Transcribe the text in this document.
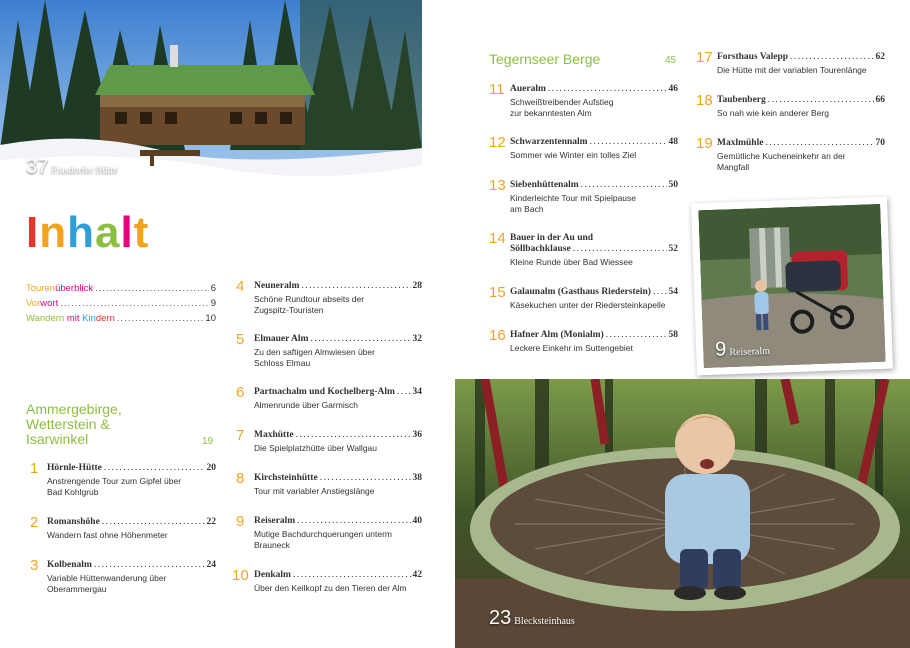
37 Frasdorfer Hütte
9 Reiseralm
23 Blecksteinhaus
Inhalt
Tourenüberblick .....	6
Vorwort .....	9
Wandern mit Kindern .....	10
Ammergebirge,
Wetterstein &
Isarwinkel	19
Tegernseer Berge	45
1 Hörnle-Hütte .....	20
Anstrengende Tour zum Gipfel über
Bad Kohlgrub
2 Romanshöhe .....	22
Wandern fast ohne Höhenmeter
3 Kolbenalm .....	24
Variable Hüttenwanderung über
Oberammergau
4 Neuneralm .....	28
Schöne Rundtour abseits der
Zugspitz-Touristen
5 Elmauer Alm .....	32
Zu den saftigen Almwiesen über
Schloss Elmau
6 Partnachalm und Kochelberg-Alm ..... 34
Almenrunde über Garmisch
7 Maxhütte .....	36
Die Spielplatzhütte über Wallgau
8 Kirchsteinhütte .....	38
Tour mit variabler Anstiegslänge
9 Reiseralm .....	40
Mutige Bachdurchquerungen unterm
Brauneck
10 Denkalm .....	42
Über den Keilkopf zu den Tieren der Alm
11 Aueralm .....	46
Schweißtreibender Aufstieg
zur bekanntesten Alm
12 Schwarzentennalm .....	48
Sommer wie Winter ein tolles Ziel
13 Siebenhüttenalm .....	50
Kinderleichte Tour mit Spielpause
am Bach
14 Bauer in der Au und
Söllbachklause .....	52
Kleine Runde über Bad Wiessee
15 Galaunalm (Gasthaus Riederstein) ..... 54
Käsekuchen unter der Riedersteinkapelle
16 Hafner Alm (Monialm) .....	58
Leckere Einkehr im Suttengebiet
17 Forsthaus Valepp .....	62
Die Hütte mit der variablen Tourenlänge
18 Taubenberg .....	66
So nah wie kein anderer Berg
19 Maxlmühle .....	70
Gemütliche Kucheneinkehr an der
Mangfall
